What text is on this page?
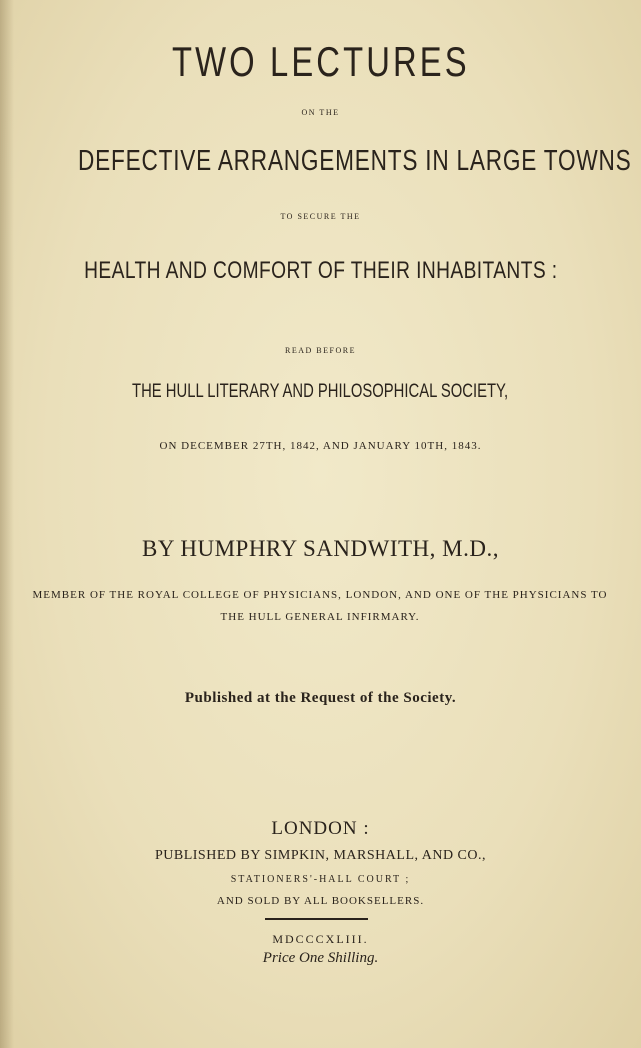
TWO LECTURES
ON THE
DEFECTIVE ARRANGEMENTS IN LARGE TOWNS
TO SECURE THE
HEALTH AND COMFORT OF THEIR INHABITANTS :
READ BEFORE
THE HULL LITERARY AND PHILOSOPHICAL SOCIETY,
ON DECEMBER 27TH, 1842, AND JANUARY 10TH, 1843.
BY HUMPHRY SANDWITH, M.D.,
MEMBER OF THE ROYAL COLLEGE OF PHYSICIANS, LONDON, AND ONE OF THE PHYSICIANS TO THE HULL GENERAL INFIRMARY.
Published at the Request of the Society.
LONDON :
PUBLISHED BY SIMPKIN, MARSHALL, AND CO.,
STATIONERS'-HALL COURT ;
AND SOLD BY ALL BOOKSELLERS.
MDCCCXLIII.
Price One Shilling.
